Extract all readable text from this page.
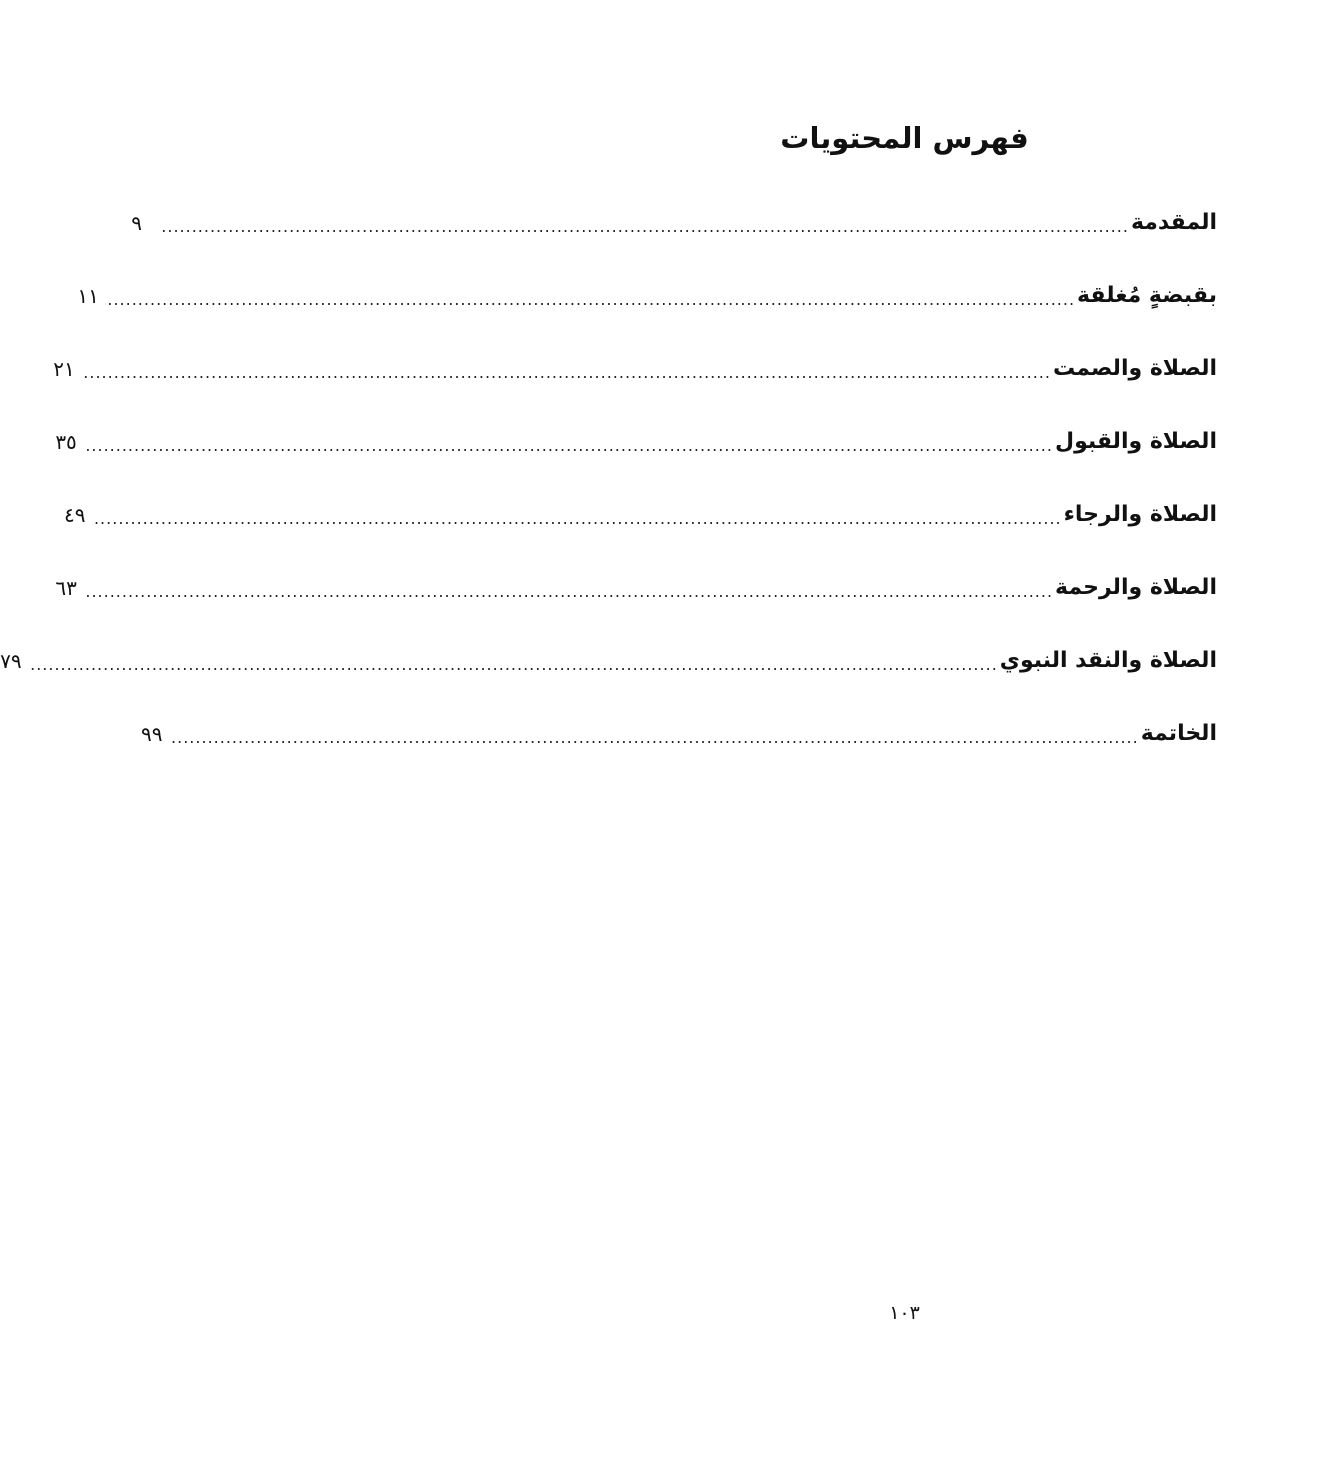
فهرس المحتويات
المقدمة
...............................................................................................................................................................
٩
بقبضةٍ مُغلقة
...............................................................................................................................................................
١١
الصلاة والصمت
...............................................................................................................................................................
٢١
الصلاة والقبول
...............................................................................................................................................................
٣٥
الصلاة والرجاء
...............................................................................................................................................................
٤٩
الصلاة والرحمة
...............................................................................................................................................................
٦٣
الصلاة والنقد النبوي
...............................................................................................................................................................
٧٩
الخاتمة
...............................................................................................................................................................
٩٩
١٠٣
